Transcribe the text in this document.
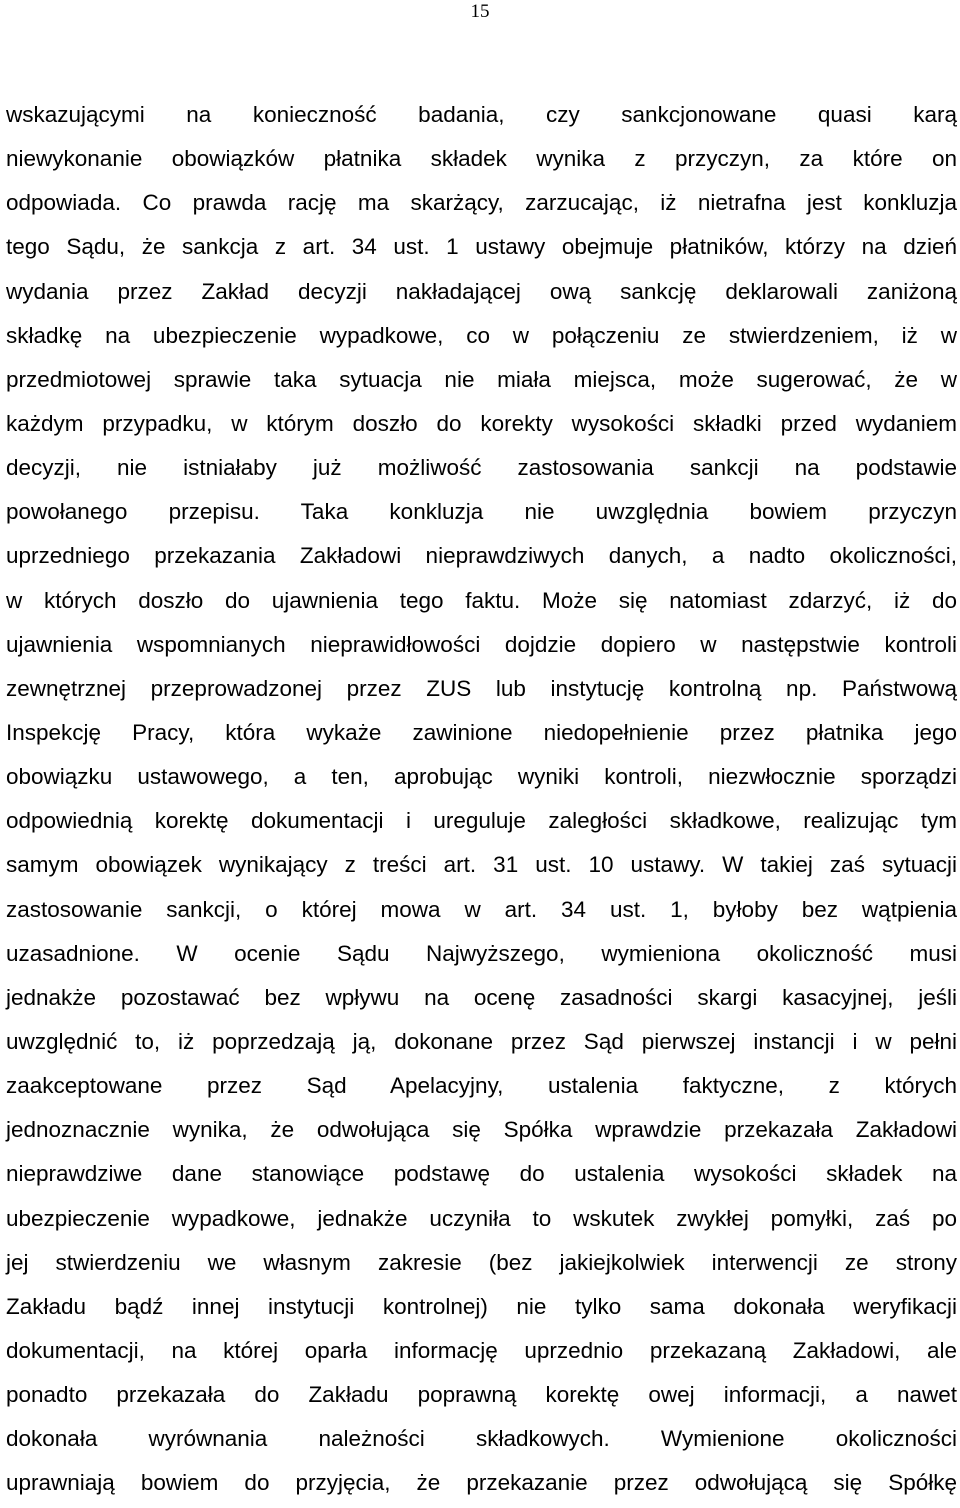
15
wskazującymi na konieczność badania, czy sankcjonowane quasi karą
niewykonanie obowiązków płatnika składek wynika z przyczyn, za które on
odpowiada. Co prawda rację ma skarżący, zarzucając, iż nietrafna jest konkluzja
tego Sądu, że sankcja z art. 34 ust. 1 ustawy obejmuje płatników, którzy na dzień
wydania przez Zakład decyzji nakładającej ową sankcję deklarowali zaniżoną
składkę na ubezpieczenie wypadkowe, co w połączeniu ze stwierdzeniem, iż w
przedmiotowej sprawie taka sytuacja nie miała miejsca, może sugerować, że w
każdym przypadku, w którym doszło do korekty wysokości składki przed wydaniem
decyzji, nie istniałaby już możliwość zastosowania sankcji na podstawie
powołanego przepisu. Taka konkluzja nie uwzględnia bowiem przyczyn
uprzedniego przekazania Zakładowi nieprawdziwych danych, a nadto okoliczności,
w których doszło do ujawnienia tego faktu. Może się natomiast zdarzyć, iż do
ujawnienia wspomnianych nieprawidłowości dojdzie dopiero w następstwie kontroli
zewnętrznej przeprowadzonej przez ZUS lub instytucję kontrolną np. Państwową
Inspekcję Pracy, która wykaże zawinione niedopełnienie przez płatnika jego
obowiązku ustawowego, a ten, aprobując wyniki kontroli, niezwłocznie sporządzi
odpowiednią korektę dokumentacji i ureguluje zaległości składkowe, realizując tym
samym obowiązek wynikający z treści art. 31 ust. 10 ustawy. W takiej zaś sytuacji
zastosowanie sankcji, o której mowa w art. 34 ust. 1, byłoby bez wątpienia
uzasadnione. W ocenie Sądu Najwyższego, wymieniona okoliczność musi
jednakże pozostawać bez wpływu na ocenę zasadności skargi kasacyjnej, jeśli
uwzględnić to, iż poprzedzają ją, dokonane przez Sąd pierwszej instancji i w pełni
zaakceptowane przez Sąd Apelacyjny, ustalenia faktyczne, z których
jednoznacznie wynika, że odwołująca się Spółka wprawdzie przekazała Zakładowi
nieprawdziwe dane stanowiące podstawę do ustalenia wysokości składek na
ubezpieczenie wypadkowe, jednakże uczyniła to wskutek zwykłej pomyłki, zaś po
jej stwierdzeniu we własnym zakresie (bez jakiejkolwiek interwencji ze strony
Zakładu bądź innej instytucji kontrolnej) nie tylko sama dokonała weryfikacji
dokumentacji, na której oparła informację uprzednio przekazaną Zakładowi, ale
ponadto przekazała do Zakładu poprawną korektę owej informacji, a nawet
dokonała wyrównania należności składkowych. Wymienione okoliczności
uprawniają bowiem do przyjęcia, że przekazanie przez odwołującą się Spółkę
